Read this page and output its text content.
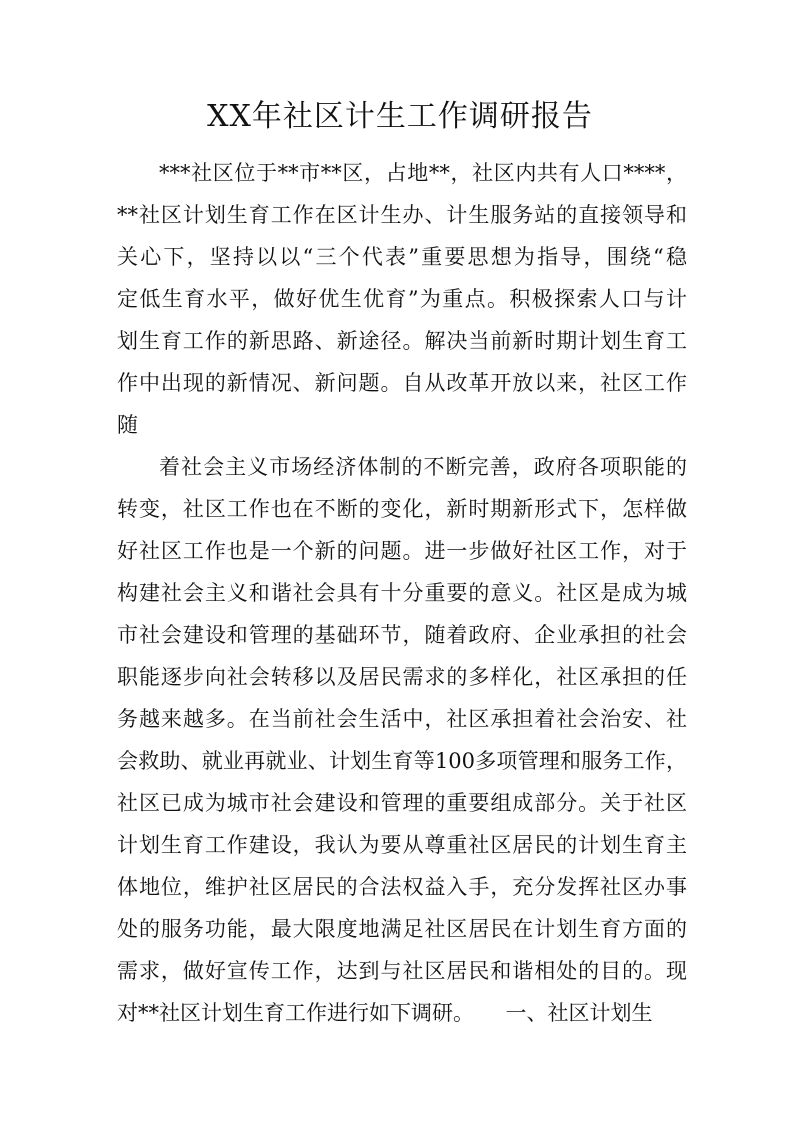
XX年社区计生工作调研报告
***社区位于**市**区，占地**，社区内共有人口****，
**社区计划生育工作在区计生办、计生服务站的直接领导和
关心下，坚持以以“三个代表”重要思想为指导，围绕“稳
定低生育水平，做好优生优育”为重点。积极探索人口与计
划生育工作的新思路、新途径。解决当前新时期计划生育工
作中出现的新情况、新问题。自从改革开放以来，社区工作
随
着社会主义市场经济体制的不断完善，政府各项职能的
转变，社区工作也在不断的变化，新时期新形式下，怎样做
好社区工作也是一个新的问题。进一步做好社区工作，对于
构建社会主义和谐社会具有十分重要的意义。社区是成为城
市社会建设和管理的基础环节，随着政府、企业承担的社会
职能逐步向社会转移以及居民需求的多样化，社区承担的任
务越来越多。在当前社会生活中，社区承担着社会治安、社
会救助、就业再就业、计划生育等100多项管理和服务工作，
社区已成为城市社会建设和管理的重要组成部分。关于社区
计划生育工作建设，我认为要从尊重社区居民的计划生育主
体地位，维护社区居民的合法权益入手，充分发挥社区办事
处的服务功能，最大限度地满足社区居民在计划生育方面的
需求，做好宣传工作，达到与社区居民和谐相处的目的。现
对**社区计划生育工作进行如下调研。　　一、社区计划生
